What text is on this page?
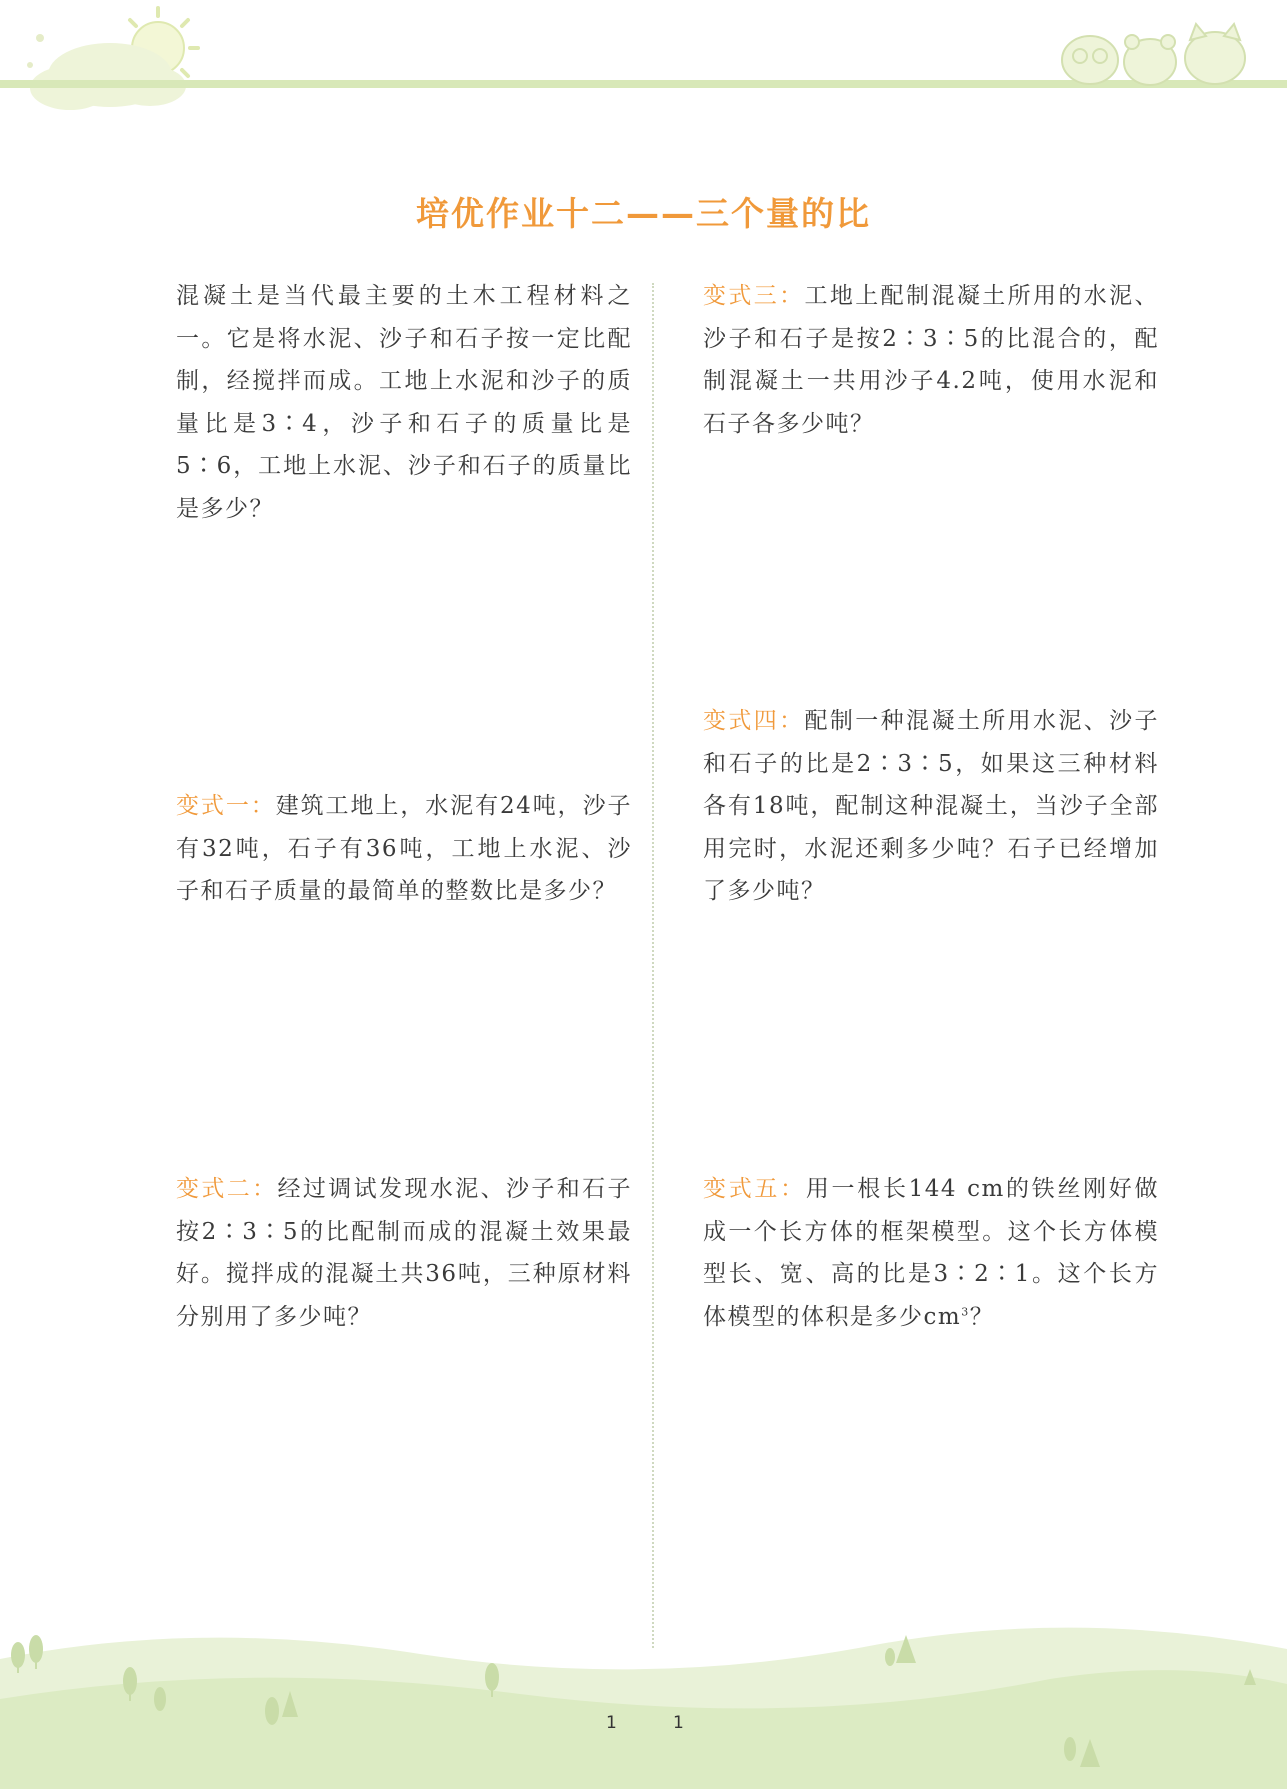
培优作业十二——三个量的比
混凝土是当代最主要的土木工程材料之一。它是将水泥、沙子和石子按一定比配制，经搅拌而成。工地上水泥和沙子的质量比是3∶4，沙子和石子的质量比是5∶6，工地上水泥、沙子和石子的质量比是多少？
变式一：建筑工地上，水泥有24吨，沙子有32吨，石子有36吨，工地上水泥、沙子和石子质量的最简单的整数比是多少？
变式二：经过调试发现水泥、沙子和石子按2∶3∶5的比配制而成的混凝土效果最好。搅拌成的混凝土共36吨，三种原材料分别用了多少吨？
变式三：工地上配制混凝土所用的水泥、沙子和石子是按2∶3∶5的比混合的，配制混凝土一共用沙子4.2吨，使用水泥和石子各多少吨？
变式四：配制一种混凝土所用水泥、沙子和石子的比是2∶3∶5，如果这三种材料各有18吨，配制这种混凝土，当沙子全部用完时，水泥还剩多少吨？石子已经增加了多少吨？
变式五：用一根长144 cm的铁丝刚好做成一个长方体的框架模型。这个长方体模型长、宽、高的比是3∶2∶1。这个长方体模型的体积是多少$cm^3$？
1	1
